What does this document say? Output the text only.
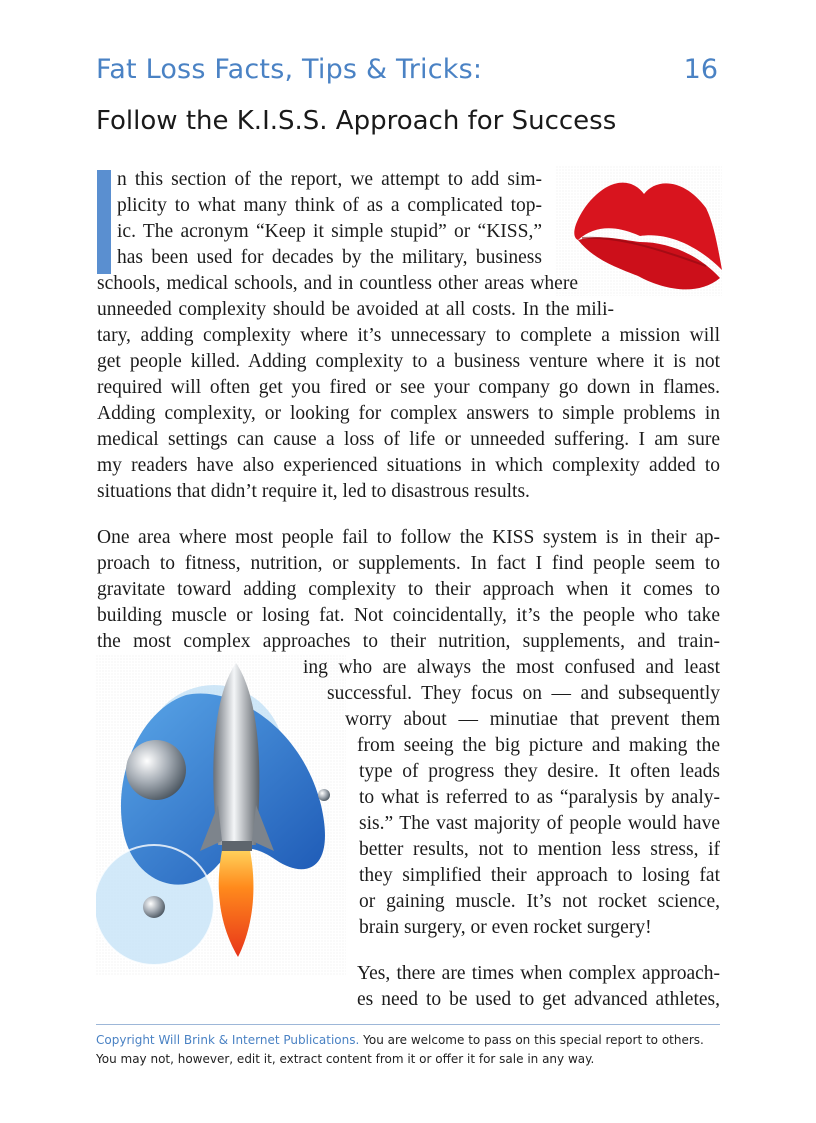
Fat Loss Facts, Tips & Tricks:	16
Follow the K.I.S.S. Approach for Success
n this section of the report, we attempt to add sim-
plicity to what many think of as a complicated top-
ic. The acronym “Keep it simple stupid” or “KISS,”
has been used for decades by the military, business
schools, medical schools, and in countless other areas where
unneeded complexity should be avoided at all costs. In the mili-
tary, adding complexity where it’s unnecessary to complete a mission will
get people killed. Adding complexity to a business venture where it is not
required will often get you fired or see your company go down in flames.
Adding complexity, or looking for complex answers to simple problems in
medical settings can cause a loss of life or unneeded suffering. I am sure
my readers have also experienced situations in which complexity added to
situations that didn’t require it, led to disastrous results.
One area where most people fail to follow the KISS system is in their ap-
proach to fitness, nutrition, or supplements. In fact I find people seem to
gravitate toward adding complexity to their approach when it comes to
building muscle or losing fat. Not coincidentally, it’s the people who take
the most complex approaches to their nutrition, supplements, and train-
ing who are always the most confused and least
successful. They focus on — and subsequently
worry about — minutiae that prevent them
from seeing the big picture and making the
type of progress they desire. It often leads
to what is referred to as “paralysis by analy-
sis.” The vast majority of people would have
better results, not to mention less stress, if
they simplified their approach to losing fat
or gaining muscle. It’s not rocket science,
brain surgery, or even rocket surgery!
Yes, there are times when complex approach-
es need to be used to get advanced athletes,
Copyright Will Brink & Internet Publications. You are welcome to pass on this special report to others. You may not, however, edit it, extract content from it or offer it for sale in any way.
